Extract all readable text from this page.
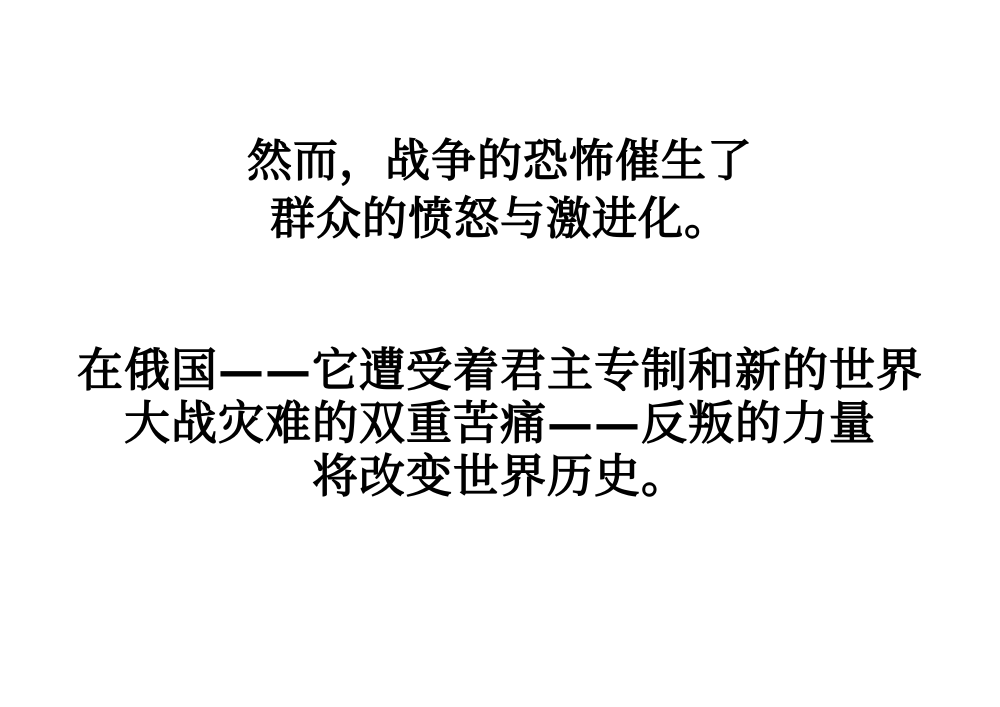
然而，战争的恐怖催生了
群众的愤怒与激进化。
在俄国——它遭受着君主专制和新的世界
大战灾难的双重苦痛——反叛的力量
将改变世界历史。
